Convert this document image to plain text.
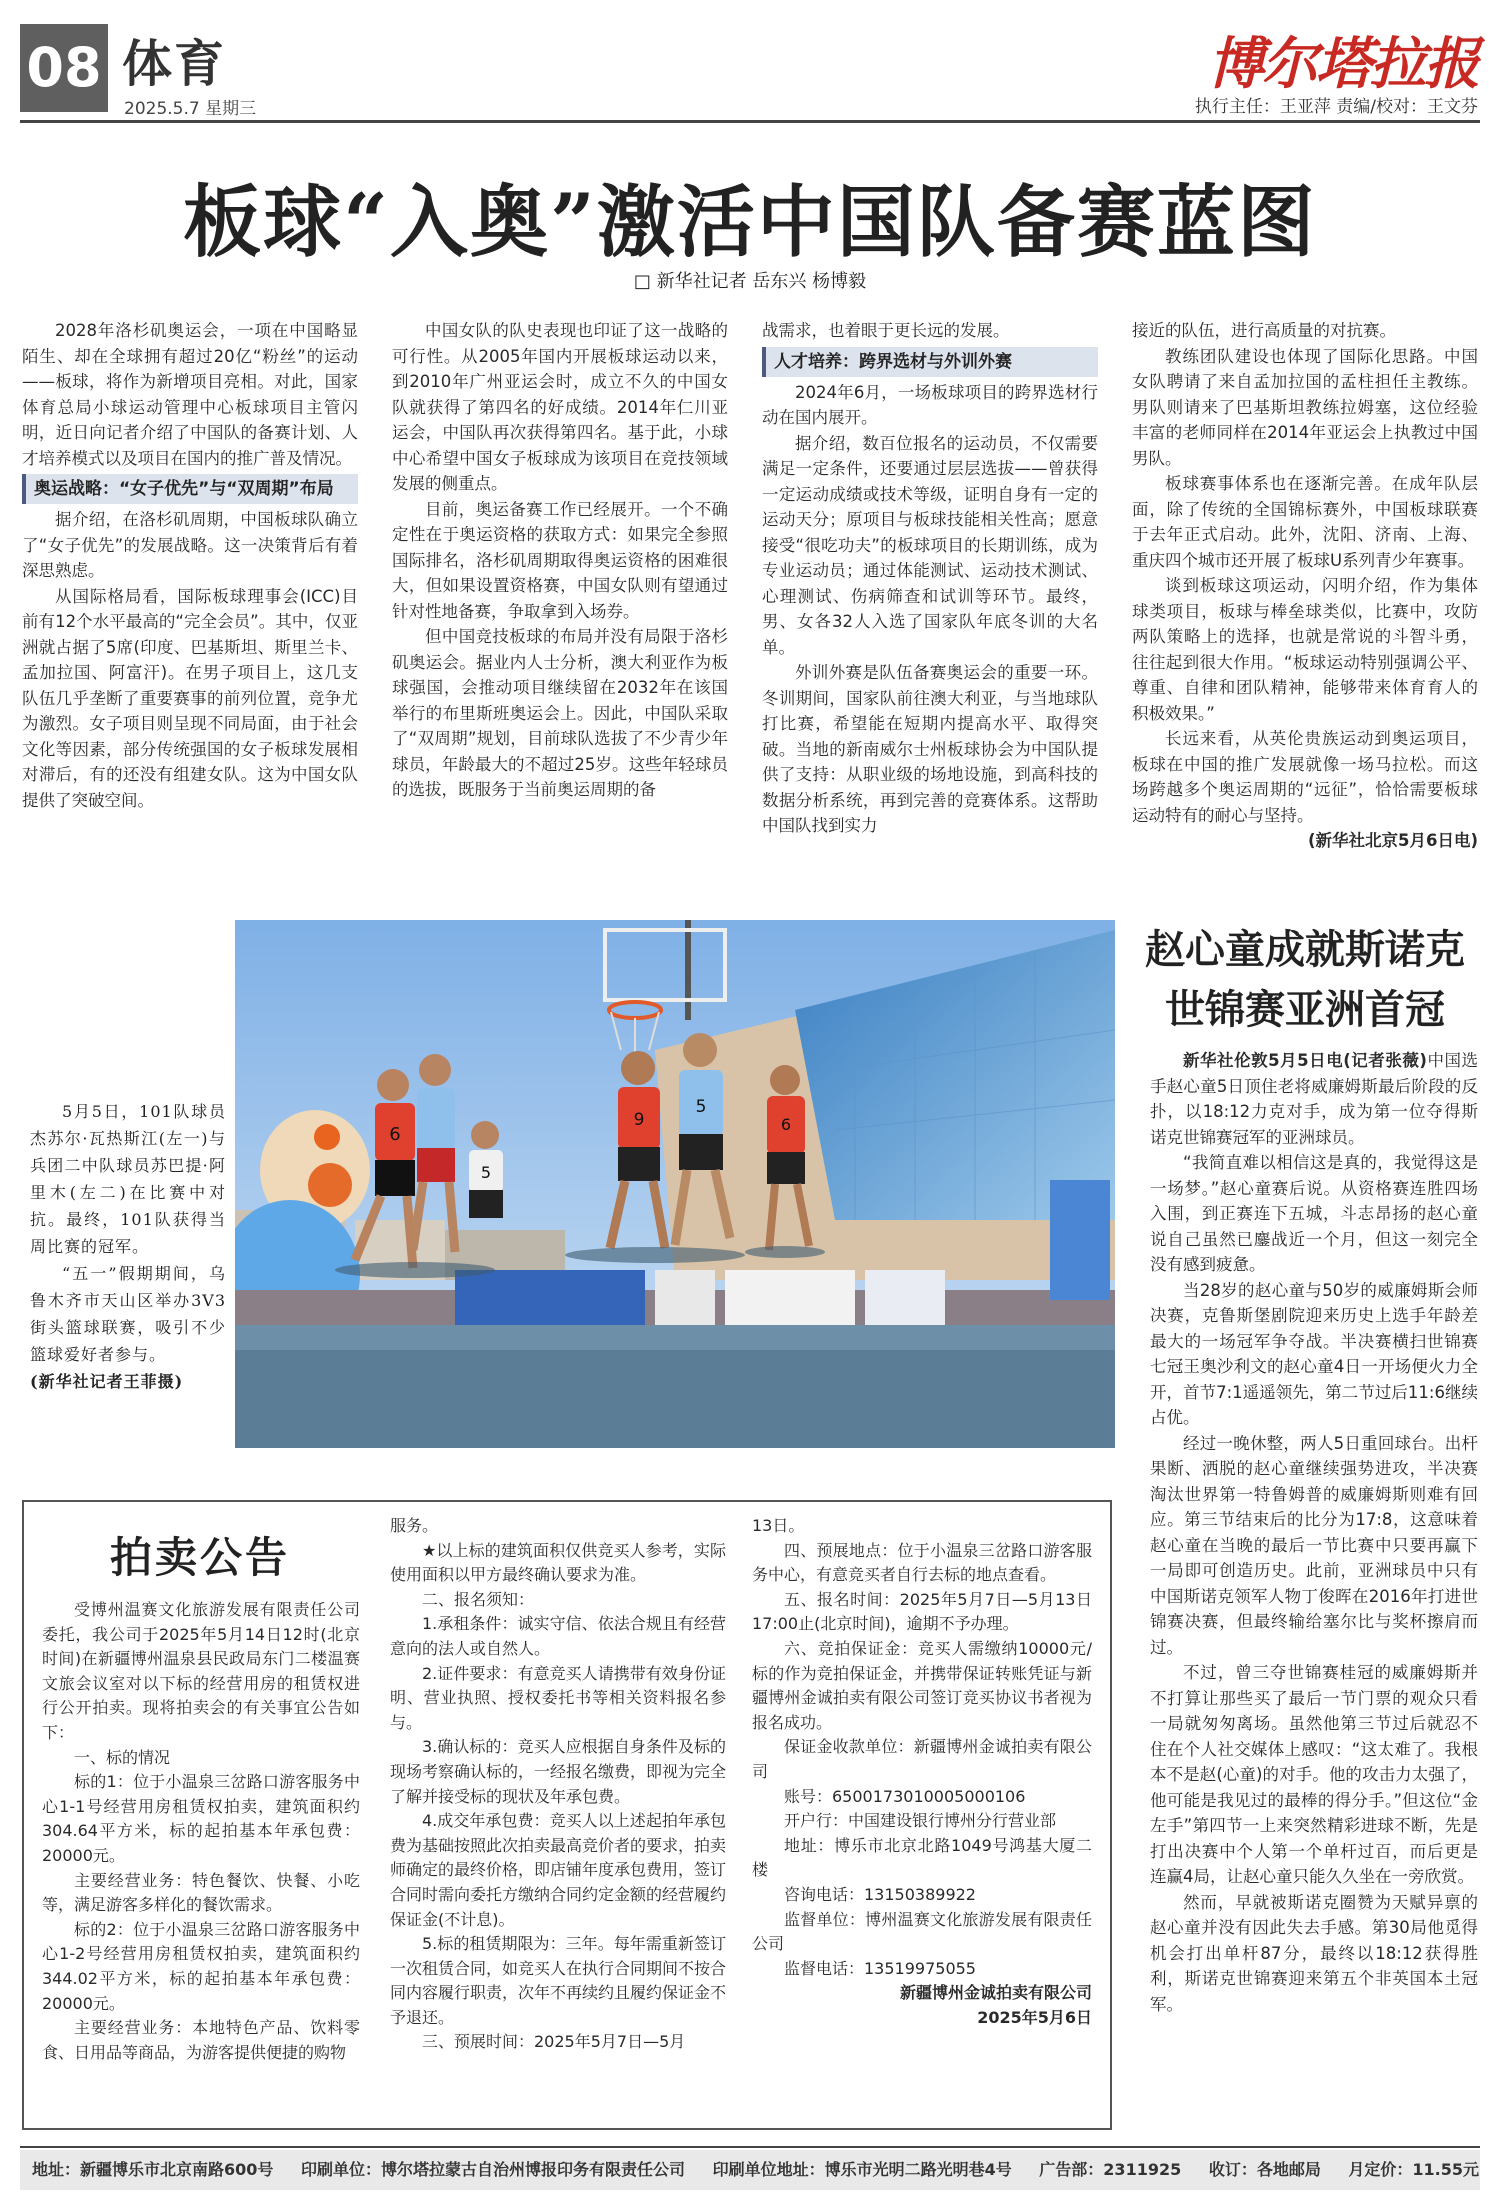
08 体育
2025.5.7 星期三
博尔塔拉报
执行主任：王亚萍 责编/校对：王文芬
板球“入奥”激活中国队备赛蓝图
□ 新华社记者 岳东兴 杨博毅

2028年洛杉矶奥运会，一项在中国略显陌生、却在全球拥有超过20亿“粉丝”的运动——板球，将作为新增项目亮相。对此，国家体育总局小球运动管理中心板球项目主管闪明，近日向记者介绍了中国队的备赛计划、人才培养模式以及项目在国内的推广普及情况。

奥运战略：“女子优先”与“双周期”布局

据介绍，在洛杉矶周期，中国板球队确立了“女子优先”的发展战略。这一决策背后有着深思熟虑。

从国际格局看，国际板球理事会(ICC)目前有12个水平最高的“完全会员”。其中，仅亚洲就占据了5席(印度、巴基斯坦、斯里兰卡、孟加拉国、阿富汗)。在男子项目上，这几支队伍几乎垄断了重要赛事的前列位置，竞争尤为激烈。女子项目则呈现不同局面，由于社会文化等因素，部分传统强国的女子板球发展相对滞后，有的还没有组建女队。这为中国女队提供了突破空间。

中国女队的队史表现也印证了这一战略的可行性。从2005年国内开展板球运动以来，到2010年广州亚运会时，成立不久的中国女队就获得了第四名的好成绩。2014年仁川亚运会，中国队再次获得第四名。基于此，小球中心希望中国女子板球成为该项目在竞技领域发展的侧重点。

目前，奥运备赛工作已经展开。一个不确定性在于奥运资格的获取方式：如果完全参照国际排名，洛杉矶周期取得奥运资格的困难很大，但如果设置资格赛，中国女队则有望通过针对性地备赛，争取拿到入场券。

但中国竞技板球的布局并没有局限于洛杉矶奥运会。据业内人士分析，澳大利亚作为板球强国，会推动项目继续留在2032年在该国举行的布里斯班奥运会上。因此，中国队采取了“双周期”规划，目前球队选拔了不少青少年球员，年龄最大的不超过25岁。这些年轻球员的选拔，既服务于当前奥运周期的备

战需求，也着眼于更长远的发展。

人才培养：跨界选材与外训外赛

2024年6月，一场板球项目的跨界选材行动在国内展开。

据介绍，数百位报名的运动员，不仅需要满足一定条件，还要通过层层选拔——曾获得一定运动成绩或技术等级，证明自身有一定的运动天分；原项目与板球技能相关性高；愿意接受“很吃功夫”的板球项目的长期训练，成为专业运动员；通过体能测试、运动技术测试、心理测试、伤病筛查和试训等环节。最终，男、女各32人入选了国家队年底冬训的大名单。

外训外赛是队伍备赛奥运会的重要一环。冬训期间，国家队前往澳大利亚，与当地球队打比赛，希望能在短期内提高水平、取得突破。当地的新南威尔士州板球协会为中国队提供了支持：从职业级的场地设施，到高科技的数据分析系统，再到完善的竞赛体系。这帮助中国队找到实力

接近的队伍，进行高质量的对抗赛。

教练团队建设也体现了国际化思路。中国女队聘请了来自孟加拉国的孟柱担任主教练。男队则请来了巴基斯坦教练拉姆塞，这位经验丰富的老师同样在2014年亚运会上执教过中国男队。

板球赛事体系也在逐渐完善。在成年队层面，除了传统的全国锦标赛外，中国板球联赛于去年正式启动。此外，沈阳、济南、上海、重庆四个城市还开展了板球U系列青少年赛事。

谈到板球这项运动，闪明介绍，作为集体球类项目，板球与棒垒球类似，比赛中，攻防两队策略上的选择，也就是常说的斗智斗勇，往往起到很大作用。“板球运动特别强调公平、尊重、自律和团队精神，能够带来体育育人的积极效果。”

长远来看，从英伦贵族运动到奥运项目，板球在中国的推广发展就像一场马拉松。而这场跨越多个奥运周期的“远征”，恰恰需要板球运动特有的耐心与坚持。

(新华社北京5月6日电)

6
9
5
6
5

5月5日，101队球员杰苏尔·瓦热斯江(左一)与兵团二中队球员苏巴提·阿里木(左二)在比赛中对抗。最终，101队获得当周比赛的冠军。

“五一”假期期间，乌鲁木齐市天山区举办3V3街头篮球联赛，吸引不少篮球爱好者参与。

(新华社记者王菲摄)

赵心童成就斯诺克世锦赛亚洲首冠

新华社伦敦5月5日电(记者张薇)中国选手赵心童5日顶住老将威廉姆斯最后阶段的反扑，以18:12力克对手，成为第一位夺得斯诺克世锦赛冠军的亚洲球员。

“我简直难以相信这是真的，我觉得这是一场梦。”赵心童赛后说。从资格赛连胜四场入围，到正赛连下五城，斗志昂扬的赵心童说自己虽然已鏖战近一个月，但这一刻完全没有感到疲惫。

当28岁的赵心童与50岁的威廉姆斯会师决赛，克鲁斯堡剧院迎来历史上选手年龄差最大的一场冠军争夺战。半决赛横扫世锦赛七冠王奥沙利文的赵心童4日一开场便火力全开，首节7:1遥遥领先，第二节过后11:6继续占优。

经过一晚休整，两人5日重回球台。出杆果断、洒脱的赵心童继续强势进攻，半决赛淘汰世界第一特鲁姆普的威廉姆斯则难有回应。第三节结束后的比分为17:8，这意味着赵心童在当晚的最后一节比赛中只要再赢下一局即可创造历史。此前，亚洲球员中只有中国斯诺克领军人物丁俊晖在2016年打进世锦赛决赛，但最终输给塞尔比与奖杯擦肩而过。

不过，曾三夺世锦赛桂冠的威廉姆斯并不打算让那些买了最后一节门票的观众只看一局就匆匆离场。虽然他第三节过后就忍不住在个人社交媒体上感叹：“这太难了。我根本不是赵(心童)的对手。他的攻击力太强了，他可能是我见过的最棒的得分手。”但这位“金左手”第四节一上来突然精彩进球不断，先是打出决赛中个人第一个单杆过百，而后更是连赢4局，让赵心童只能久久坐在一旁欣赏。

然而，早就被斯诺克圈赞为天赋异禀的赵心童并没有因此失去手感。第30局他觅得机会打出单杆87分，最终以18:12获得胜利，斯诺克世锦赛迎来第五个非英国本土冠军。

拍卖公告

受博州温赛文化旅游发展有限责任公司委托，我公司于2025年5月14日12时(北京时间)在新疆博州温泉县民政局东门二楼温赛文旅会议室对以下标的经营用房的租赁权进行公开拍卖。现将拍卖会的有关事宜公告如下：

一、标的情况

标的1：位于小温泉三岔路口游客服务中心1-1号经营用房租赁权拍卖，建筑面积约304.64平方米，标的起拍基本年承包费：20000元。

主要经营业务：特色餐饮、快餐、小吃等，满足游客多样化的餐饮需求。

标的2：位于小温泉三岔路口游客服务中心1-2号经营用房租赁权拍卖，建筑面积约344.02平方米，标的起拍基本年承包费：20000元。

主要经营业务：本地特色产品、饮料零食、日用品等商品，为游客提供便捷的购物

服务。

★以上标的建筑面积仅供竞买人参考，实际使用面积以甲方最终确认要求为准。

二、报名须知：

1.承租条件：诚实守信、依法合规且有经营意向的法人或自然人。

2.证件要求：有意竞买人请携带有效身份证明、营业执照、授权委托书等相关资料报名参与。

3.确认标的：竞买人应根据自身条件及标的现场考察确认标的，一经报名缴费，即视为完全了解并接受标的现状及年承包费。

4.成交年承包费：竞买人以上述起拍年承包费为基础按照此次拍卖最高竞价者的要求，拍卖师确定的最终价格，即店铺年度承包费用，签订合同时需向委托方缴纳合同约定金额的经营履约保证金(不计息)。

5.标的租赁期限为：三年。每年需重新签订一次租赁合同，如竞买人在执行合同期间不按合同内容履行职责，次年不再续约且履约保证金不予退还。

三、预展时间：2025年5月7日—5月

13日。

四、预展地点：位于小温泉三岔路口游客服务中心，有意竞买者自行去标的地点查看。

五、报名时间：2025年5月7日—5月13日17:00止(北京时间)，逾期不予办理。

六、竞拍保证金：竞买人需缴纳10000元/标的作为竞拍保证金，并携带保证转账凭证与新疆博州金诚拍卖有限公司签订竞买协议书者视为报名成功。

保证金收款单位：新疆博州金诚拍卖有限公司

账号：6500173010005000106

开户行：中国建设银行博州分行营业部

地址：博乐市北京北路1049号鸿基大厦二楼

咨询电话：13150389922

监督单位：博州温赛文化旅游发展有限责任公司

监督电话：13519975055

新疆博州金诚拍卖有限公司

2025年5月6日

地址：新疆博乐市北京南路600号 印刷单位：博尔塔拉蒙古自治州博报印务有限责任公司 印刷单位地址：博乐市光明二路光明巷4号 广告部：2311925 收订：各地邮局 月定价：11.55元
